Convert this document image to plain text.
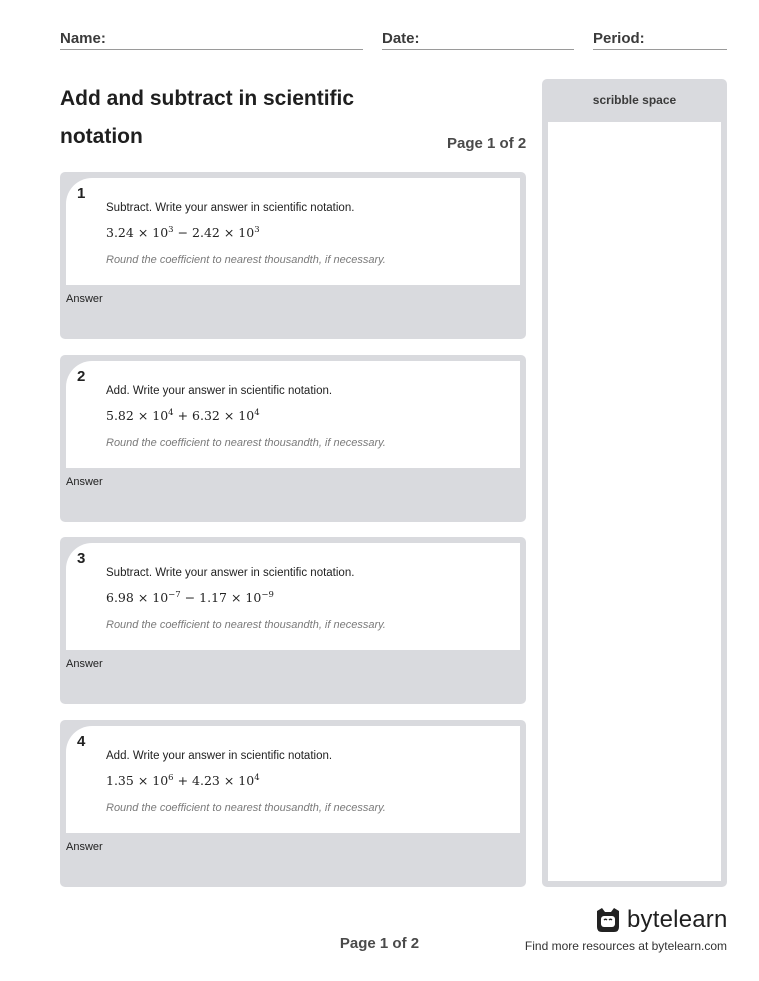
Name:	Date:	Period:
Add and subtract in scientific notation	Page 1 of 2
1
Subtract. Write your answer in scientific notation.
$3.24 \times 10^3 - 2.42 \times 10^3$
Round the coefficient to nearest thousandth, if necessary.
Answer
2
Add. Write your answer in scientific notation.
$5.82 \times 10^4 + 6.32 \times 10^4$
Round the coefficient to nearest thousandth, if necessary.
Answer
3
Subtract. Write your answer in scientific notation.
$6.98 \times 10^{-7} - 1.17 \times 10^{-9}$
Round the coefficient to nearest thousandth, if necessary.
Answer
4
Add. Write your answer in scientific notation.
$1.35 \times 10^6 + 4.23 \times 10^4$
Round the coefficient to nearest thousandth, if necessary.
Answer
scribble space
Page 1 of 2
bytelearn
Find more resources at bytelearn.com
